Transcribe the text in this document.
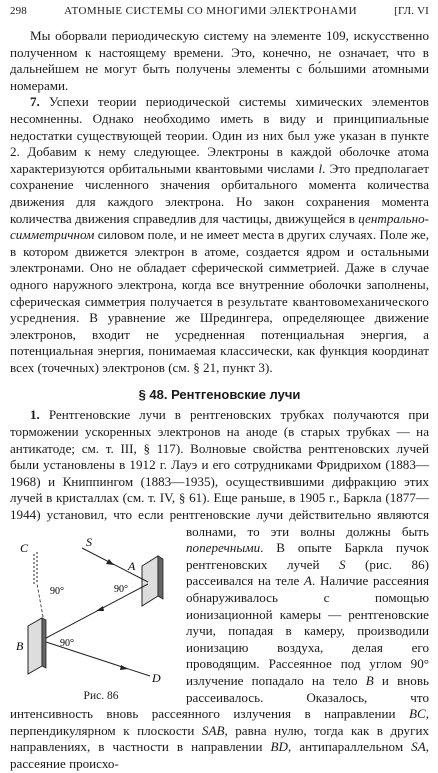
298	АТОМНЫЕ СИСТЕМЫ СО МНОГИМИ ЭЛЕКТРОНАМИ	[ГЛ. VI

Мы оборвали периодическую систему на элементе 109, искусственно полученном к настоящему времени. Это, конечно, не означает, что в дальнейшем не могут быть получены элементы с бо́льшими атомными номерами.

7. Успехи теории периодической системы химических элементов несомненны. Однако необходимо иметь в виду и принципиальные недостатки существующей теории. Один из них был уже указан в пункте 2. Добавим к нему следующее. Электроны в каждой оболочке атома характеризуются орбитальными квантовыми числами l. Это предполагает сохранение численного значения орбитального момента количества движения для каждого электрона. Но закон сохранения момента количества движения справедлив для частицы, движущейся в центрально-симметричном силовом поле, и не имеет места в других случаях. Поле же, в котором движется электрон в атоме, создается ядром и остальными электронами. Оно не обладает сферической симметрией. Даже в случае одного наружного электрона, когда все внутренние оболочки заполнены, сферическая симметрия получается в результате квантовомеханического усреднения. В уравнение же Шредингера, определяющее движение электронов, входит не усредненная потенциальная энергия, а потенциальная энергия, понимаемая классически, как функция координат всех (точечных) электронов (см. § 21, пункт 3).

§ 48. Рентгеновские лучи

1. Рентгеновские лучи в рентгеновских трубках получаются при торможении ускоренных электронов на аноде (в старых трубках — на антикатоде; см. т. III, § 117). Волновые свойства рентгеновских лучей были установлены в 1912 г. Лауэ и его сотрудниками Фридрихом (1883—1968) и Книппингом (1883—1935), осуществившими дифракцию этих лучей в кристаллах (см. т. IV, § 61). Еще раньше, в 1905 г., Баркла (1877—1944) установил, что если рентгеновские лучи действительно являются волнами, то эти волны должны быть
C
90°
B
A
S
90°
90°
D
Рис. 86
поперечными. В опыте Баркла пучок рентгеновских лучей S (рис. 86) рассеивался на теле A. Наличие рассеяния обнаруживалось с помощью ионизационной камеры — рентгеновские лучи, попадая в камеру, производили ионизацию воздуха, делая его проводящим. Рассеянное под углом 90° излучение попадало на тело B и вновь рассеивалось. Оказалось, что интенсивность вновь рассеянного излучения в направлении BC, перпендикулярном к плоскости SAB, равна нулю, тогда как в других направлениях, в частности в направлении BD, антипараллельном SA, рассеяние происхо-
